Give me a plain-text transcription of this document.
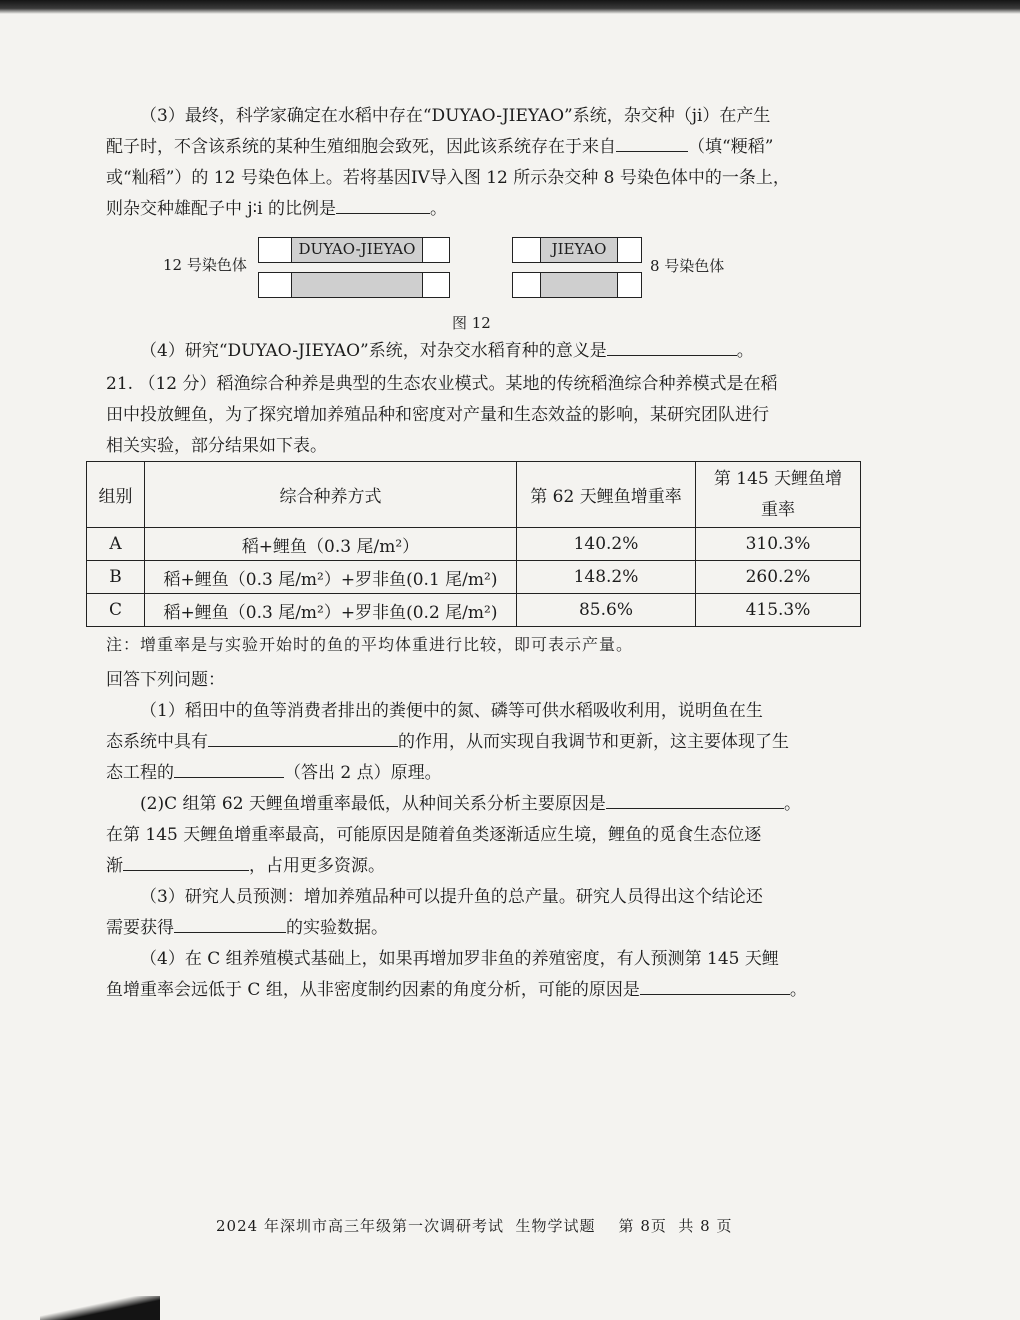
（3）最终，科学家确定在水稻中存在“DUYAO-JIEYAO”系统，杂交种（ji）在产生
配子时，不含该系统的某种生殖细胞会致死，因此该系统存在于来自	（填“粳稻”
或“籼稻”）的 12 号染色体上。若将基因IV导入图 12 所示杂交种 8 号染色体中的一条上，
则杂交种雄配子中 j∶i 的比例是	。
12 号染色体
DUYAO-JIEYAO	JIEYAO
8 号染色体
图 12
（4）研究“DUYAO-JIEYAO”系统，对杂交水稻育种的意义是	。
21. （12 分）稻渔综合种养是典型的生态农业模式。某地的传统稻渔综合种养模式是在稻
田中投放鲤鱼，为了探究增加养殖品种和密度对产量和生态效益的影响，某研究团队进行
相关实验，部分结果如下表。
组别	综合种养方式	第 62 天鲤鱼增重率	第 145 天鲤鱼增
重率
A	稻+鲤鱼（0.3 尾/m²）	140.2%	310.3%
B	稻+鲤鱼（0.3 尾/m²）+罗非鱼(0.1 尾/m²)	148.2%	260.2%
C	稻+鲤鱼（0.3 尾/m²）+罗非鱼(0.2 尾/m²)	85.6%	415.3%
注：增重率是与实验开始时的鱼的平均体重进行比较，即可表示产量。
回答下列问题：
（1）稻田中的鱼等消费者排出的粪便中的氮、磷等可供水稻吸收利用，说明鱼在生
态系统中具有	的作用，从而实现自我调节和更新，这主要体现了生
态工程的	（答出 2 点）原理。
(2)C 组第 62 天鲤鱼增重率最低，从种间关系分析主要原因是	。
在第 145 天鲤鱼增重率最高，可能原因是随着鱼类逐渐适应生境，鲤鱼的觅食生态位逐
渐	，占用更多资源。
（3）研究人员预测：增加养殖品种可以提升鱼的总产量。研究人员得出这个结论还
需要获得	的实验数据。
（4）在 C 组养殖模式基础上，如果再增加罗非鱼的养殖密度，有人预测第 145 天鲤
鱼增重率会远低于 C 组，从非密度制约因素的角度分析，可能的原因是	。
2024 年深圳市高三年级第一次调研考试  生物学试题    第 8页  共 8 页
